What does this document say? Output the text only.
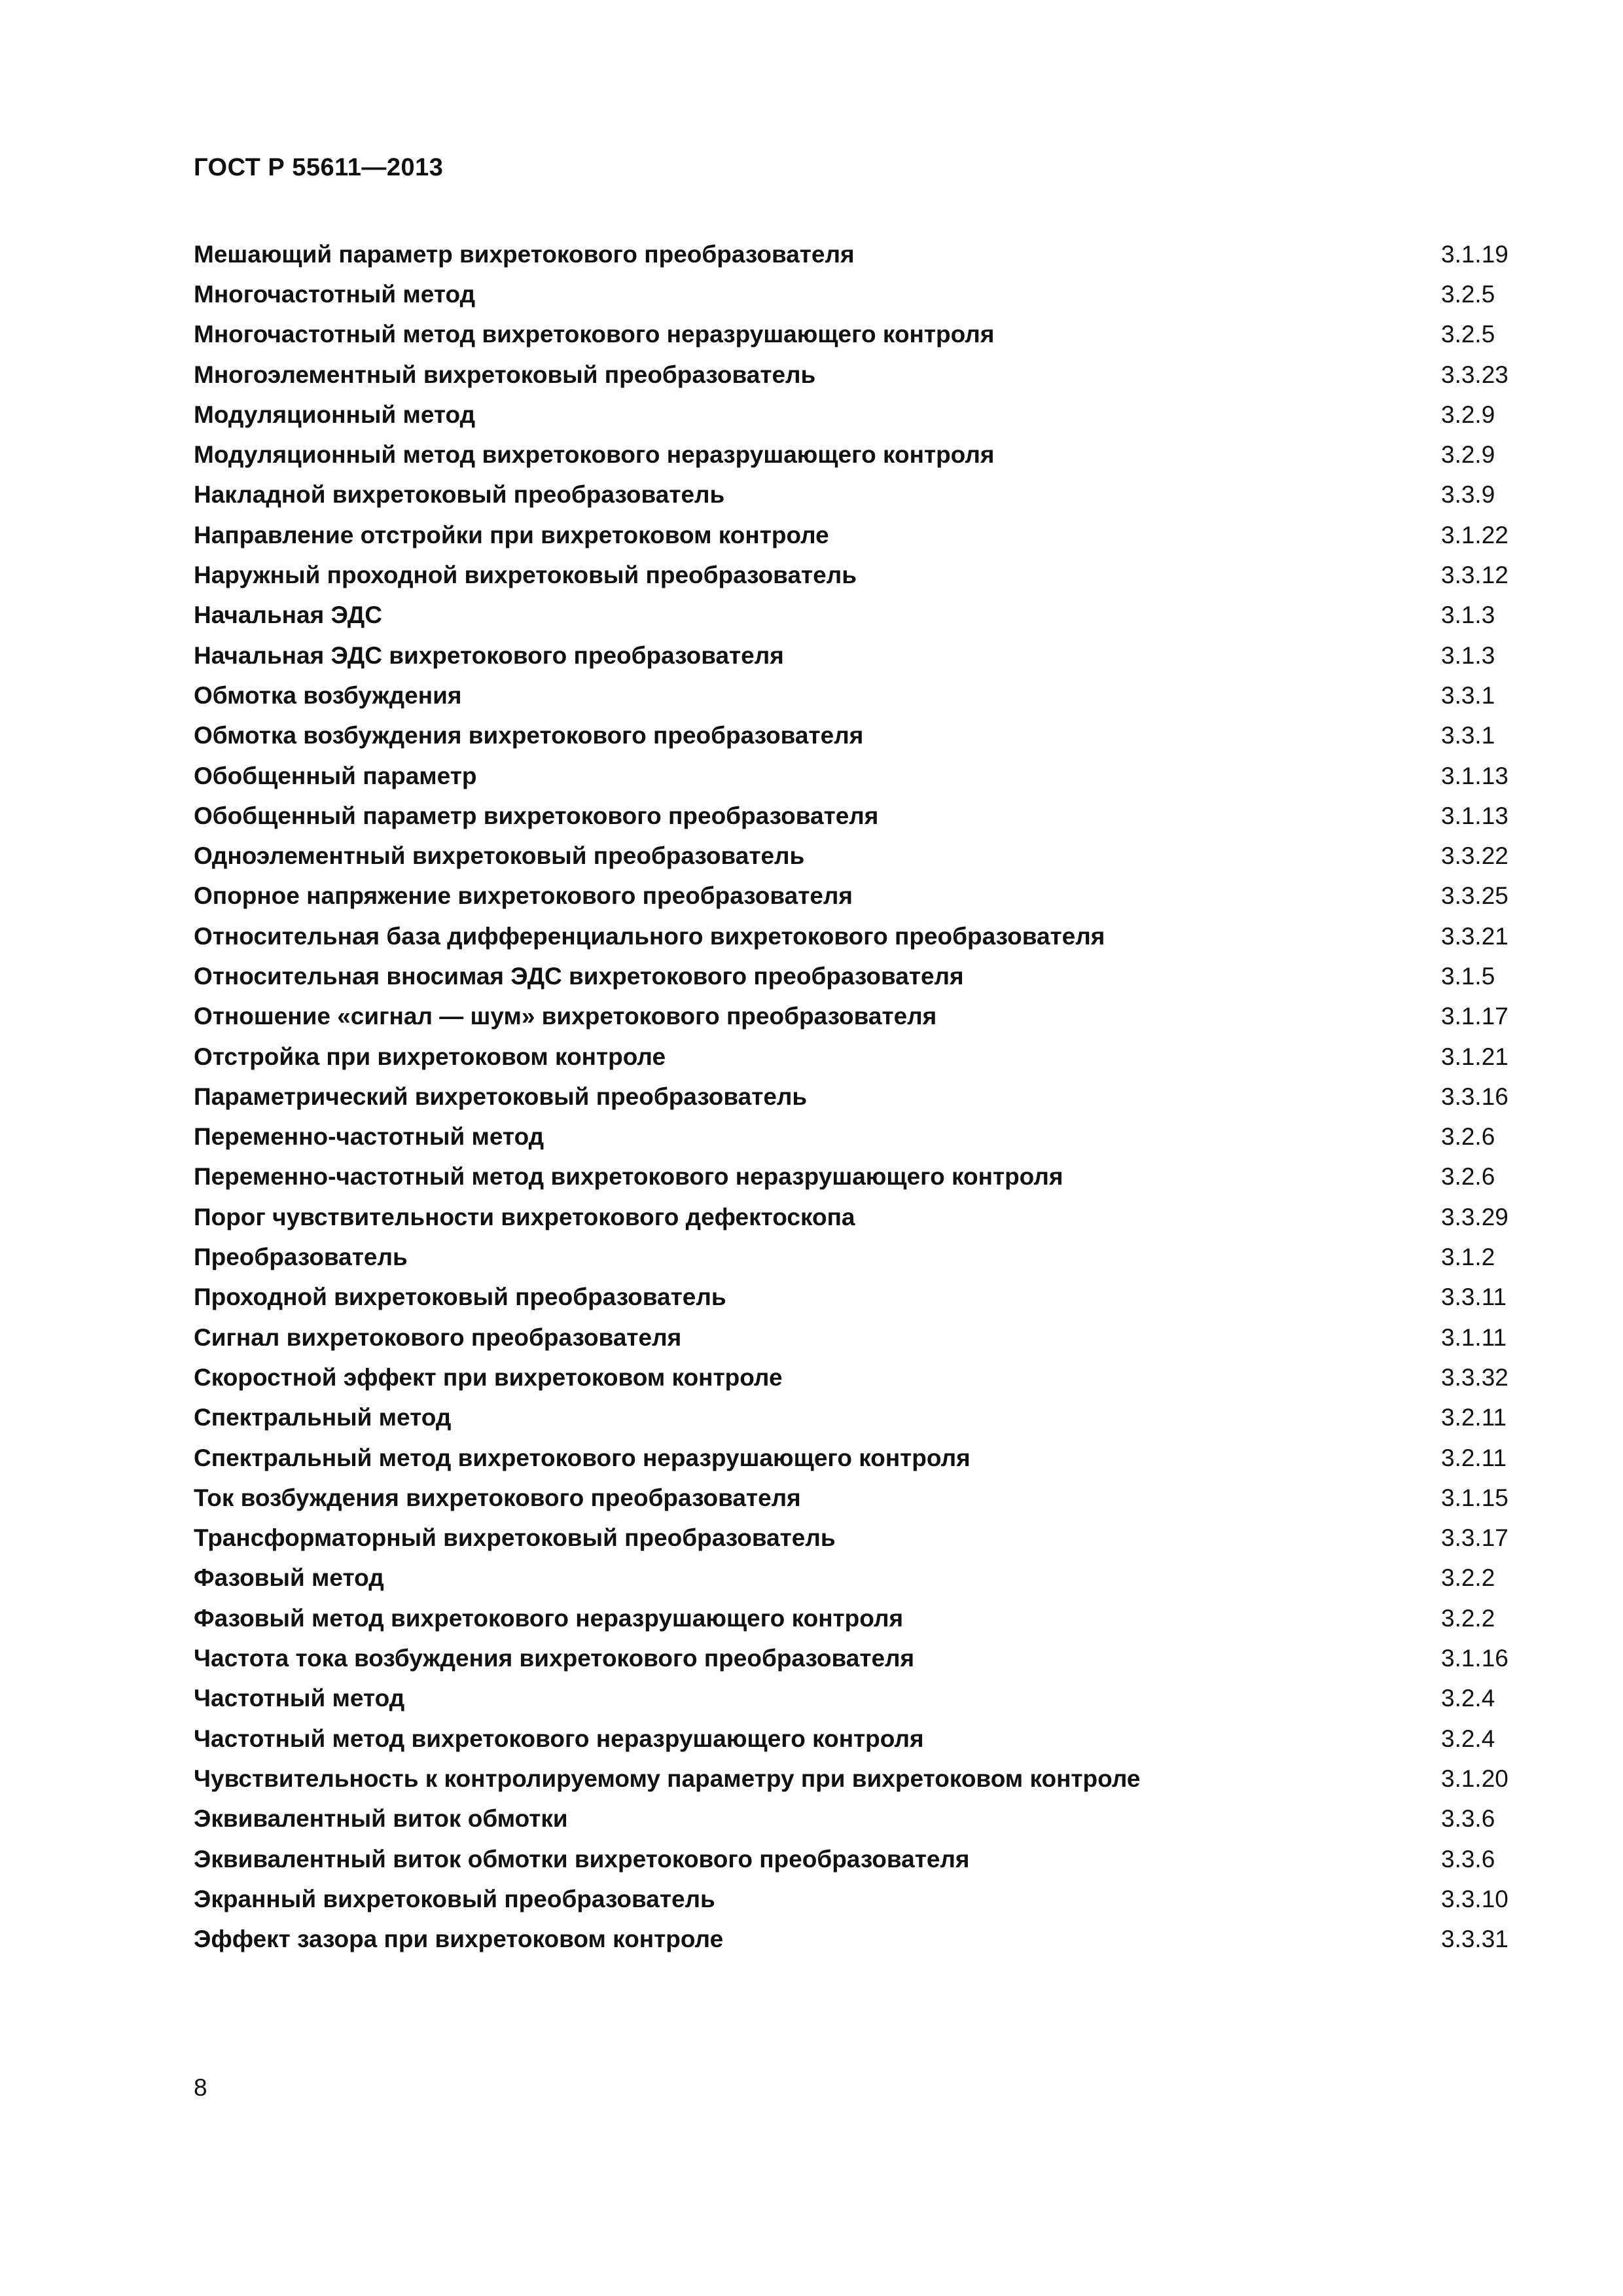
ГОСТ Р 55611—2013
Мешающий параметр вихретокового преобразователя	3.1.19
Многочастотный метод	3.2.5
Многочастотный метод вихретокового неразрушающего контроля	3.2.5
Многоэлементный вихретоковый преобразователь	3.3.23
Модуляционный метод	3.2.9
Модуляционный метод вихретокового неразрушающего контроля	3.2.9
Накладной вихретоковый преобразователь	3.3.9
Направление отстройки при вихретоковом контроле	3.1.22
Наружный проходной вихретоковый преобразователь	3.3.12
Начальная ЭДС	3.1.3
Начальная ЭДС вихретокового преобразователя	3.1.3
Обмотка возбуждения	3.3.1
Обмотка возбуждения вихретокового преобразователя	3.3.1
Обобщенный параметр	3.1.13
Обобщенный параметр вихретокового преобразователя	3.1.13
Одноэлементный вихретоковый преобразователь	3.3.22
Опорное напряжение вихретокового преобразователя	3.3.25
Относительная база дифференциального вихретокового преобразователя	3.3.21
Относительная вносимая ЭДС вихретокового преобразователя	3.1.5
Отношение «сигнал — шум» вихретокового преобразователя	3.1.17
Отстройка при вихретоковом контроле	3.1.21
Параметрический вихретоковый преобразователь	3.3.16
Переменно-частотный метод	3.2.6
Переменно-частотный метод вихретокового неразрушающего контроля	3.2.6
Порог чувствительности вихретокового дефектоскопа	3.3.29
Преобразователь	3.1.2
Проходной вихретоковый преобразователь	3.3.11
Сигнал вихретокового преобразователя	3.1.11
Скоростной эффект при вихретоковом контроле	3.3.32
Спектральный метод	3.2.11
Спектральный метод вихретокового неразрушающего контроля	3.2.11
Ток возбуждения вихретокового преобразователя	3.1.15
Трансформаторный вихретоковый преобразователь	3.3.17
Фазовый метод	3.2.2
Фазовый метод вихретокового неразрушающего контроля	3.2.2
Частота тока возбуждения вихретокового преобразователя	3.1.16
Частотный метод	3.2.4
Частотный метод вихретокового неразрушающего контроля	3.2.4
Чувствительность к контролируемому параметру при вихретоковом контроле	3.1.20
Эквивалентный виток обмотки	3.3.6
Эквивалентный виток обмотки вихретокового преобразователя	3.3.6
Экранный вихретоковый преобразователь	3.3.10
Эффект зазора при вихретоковом контроле	3.3.31
8
